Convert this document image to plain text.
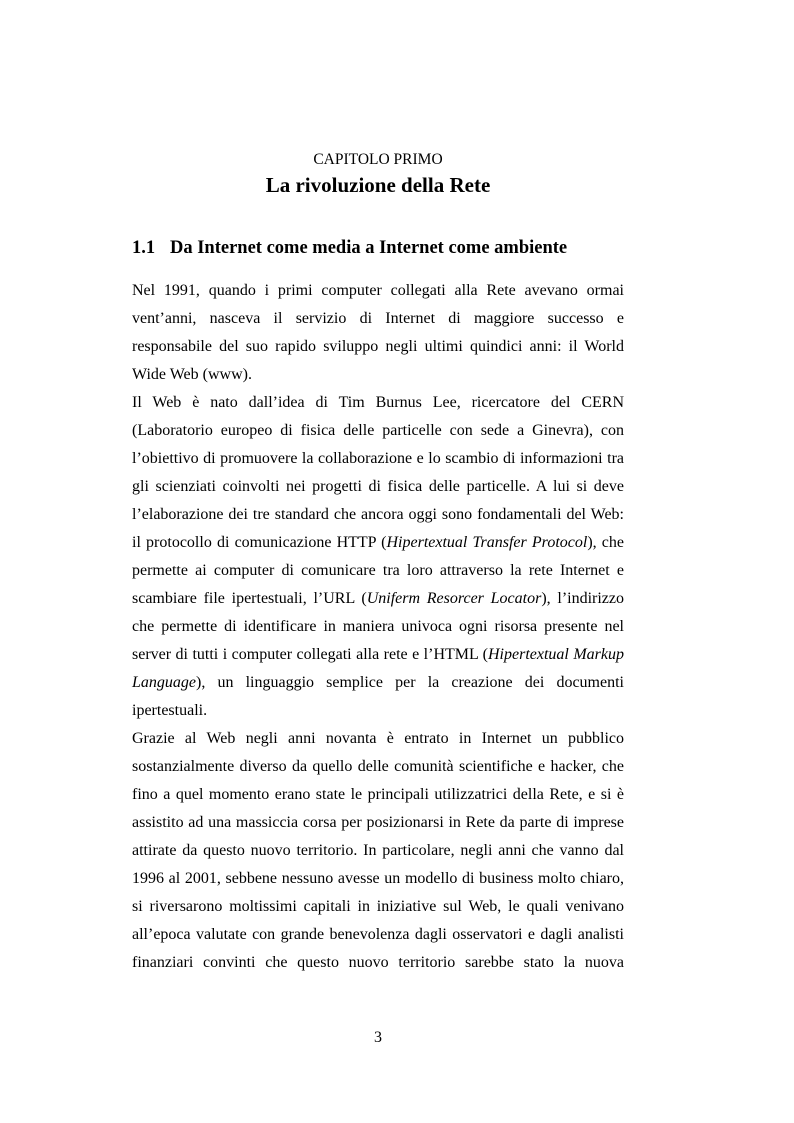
CAPITOLO PRIMO
La rivoluzione della Rete
1.1 Da Internet come media a Internet come ambiente
Nel 1991, quando i primi computer collegati alla Rete avevano ormai
vent’anni, nasceva il servizio di Internet di maggiore successo e
responsabile del suo rapido sviluppo negli ultimi quindici anni: il World
Wide Web (www).
Il Web è nato dall’idea di Tim Burnus Lee, ricercatore del CERN
(Laboratorio europeo di fisica delle particelle con sede a Ginevra), con
l’obiettivo di promuovere la collaborazione e lo scambio di informazioni tra
gli scienziati coinvolti nei progetti di fisica delle particelle. A lui si deve
l’elaborazione dei tre standard che ancora oggi sono fondamentali del Web:
il protocollo di comunicazione HTTP (Hipertextual Transfer Protocol), che
permette ai computer di comunicare tra loro attraverso la rete Internet e
scambiare file ipertestuali, l’URL (Uniferm Resorcer Locator), l’indirizzo
che permette di identificare in maniera univoca ogni risorsa presente nel
server di tutti i computer collegati alla rete e l’HTML (Hipertextual Markup
Language), un linguaggio semplice per la creazione dei documenti
ipertestuali.
Grazie al Web negli anni novanta è entrato in Internet un pubblico
sostanzialmente diverso da quello delle comunità scientifiche e hacker, che
fino a quel momento erano state le principali utilizzatrici della Rete, e si è
assistito ad una massiccia corsa per posizionarsi in Rete da parte di imprese
attirate da questo nuovo territorio. In particolare, negli anni che vanno dal
1996 al 2001, sebbene nessuno avesse un modello di business molto chiaro,
si riversarono moltissimi capitali in iniziative sul Web, le quali venivano
all’epoca valutate con grande benevolenza dagli osservatori e dagli analisti
finanziari convinti che questo nuovo territorio sarebbe stato la nuova
3
